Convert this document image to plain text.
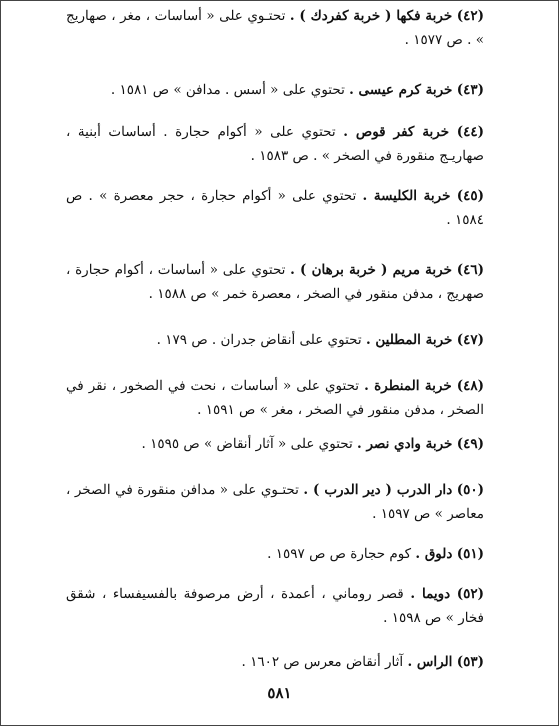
(٤٢) خربة فكها ( خربة كفردك ) . تحتـوي على « أساسات ، مغر ، صهاريج » . ص ١٥٧٧ .

(٤٣) خربة كرم عيسى . تحتوي على « أسس . مدافن » ص ١٥٨١ .

(٤٤) خربة كفر قوص . تحتوي على « أكوام حجارة . أساسات أبنية ، صهاريـج منقورة في الصخر » . ص ١٥٨٣ .

(٤٥) خربة الكليسة . تحتوي على « أكوام حجارة ، حجر معصرة » . ص ١٥٨٤ .

(٤٦) خربة مريم ( خربة برهان ) . تحتوي على « أساسات ، أكوام حجارة ، صهريج ، مدفن منقور في الصخر ، معصرة خمر » ص ١٥٨٨ .

(٤٧) خربة المطلين . تحتوي على أنقاض جدران . ص ١٧٩ .

(٤٨) خربة المنطرة . تحتوي على « أساسات ، نحت في الصخور ، نقر في الصخر ، مدفن منقور في الصخر ، مغر » ص ١٥٩١ .

(٤٩) خربة وادي نصر . تحتوي على « آثار أنقاض » ص ١٥٩٥ .

(٥٠) دار الدرب ( دير الدرب ) . تحتـوي على « مدافن منقورة في الصخر ، معاصر » ص ١٥٩٧ .

(٥١) دلوق . كوم حجارة ص ص ١٥٩٧ .

(٥٢) دويما . قصر روماني ، أعمدة ، أرض مرصوفة بالفسيفساء ، شقق فخار » ص ١٥٩٨ .

(٥٣) الراس . آثار أنقاض معرس ص ١٦٠٢ .

٥٨١
